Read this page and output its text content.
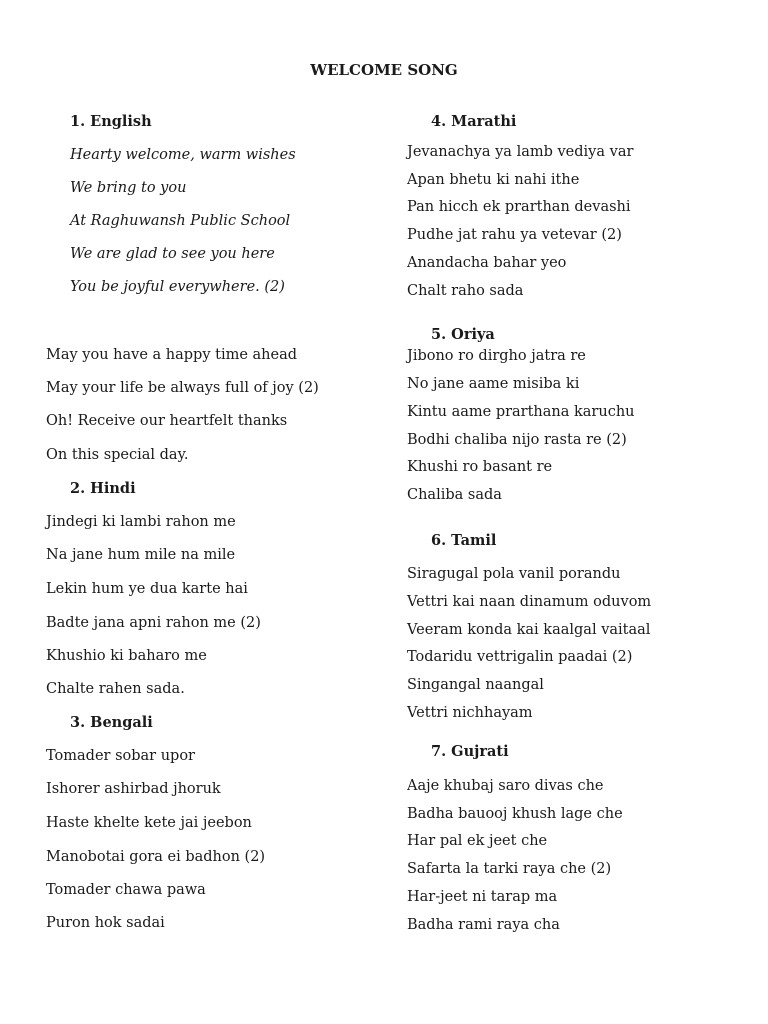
WELCOME SONG
1. English
Hearty welcome, warm wishes
We bring to you
At Raghuwansh Public School
We are glad to see you here
You be joyful everywhere. (2)
May you have a happy time ahead
May your life be always full of joy (2)
Oh! Receive our heartfelt thanks
On this special day.
2. Hindi
Jindegi ki lambi rahon me
Na jane hum mile na mile
Lekin hum ye dua karte hai
Badte jana apni rahon me (2)
Khushio ki baharo me
Chalte rahen sada.
3. Bengali
Tomader sobar upor
Ishorer ashirbad jhoruk
Haste khelte kete jai jeebon
Manobotai gora ei badhon (2)
Tomader chawa pawa
Puron hok sadai
4. Marathi
Jevanachya ya lamb vediya var
Apan bhetu ki nahi ithe
Pan hicch ek prarthan devashi
Pudhe jat rahu ya vetevar (2)
Anandacha bahar yeo
Chalt raho sada
5. Oriya
Jibono ro dirgho jatra re
No jane aame misiba ki
Kintu aame prarthana karuchu
Bodhi chaliba nijo rasta re (2)
Khushi ro basant re
Chaliba sada
6. Tamil
Siragugal pola vanil porandu
Vettri kai naan dinamum oduvom
Veeram konda kai kaalgal vaitaal
Todaridu vettrigalin paadai (2)
Singangal naangal
Vettri nichhayam
7. Gujrati
Aaje khubaj saro divas che
Badha bauooj khush lage che
Har pal ek jeet che
Safarta la tarki raya che (2)
Har-jeet ni tarap ma
Badha rami raya cha
